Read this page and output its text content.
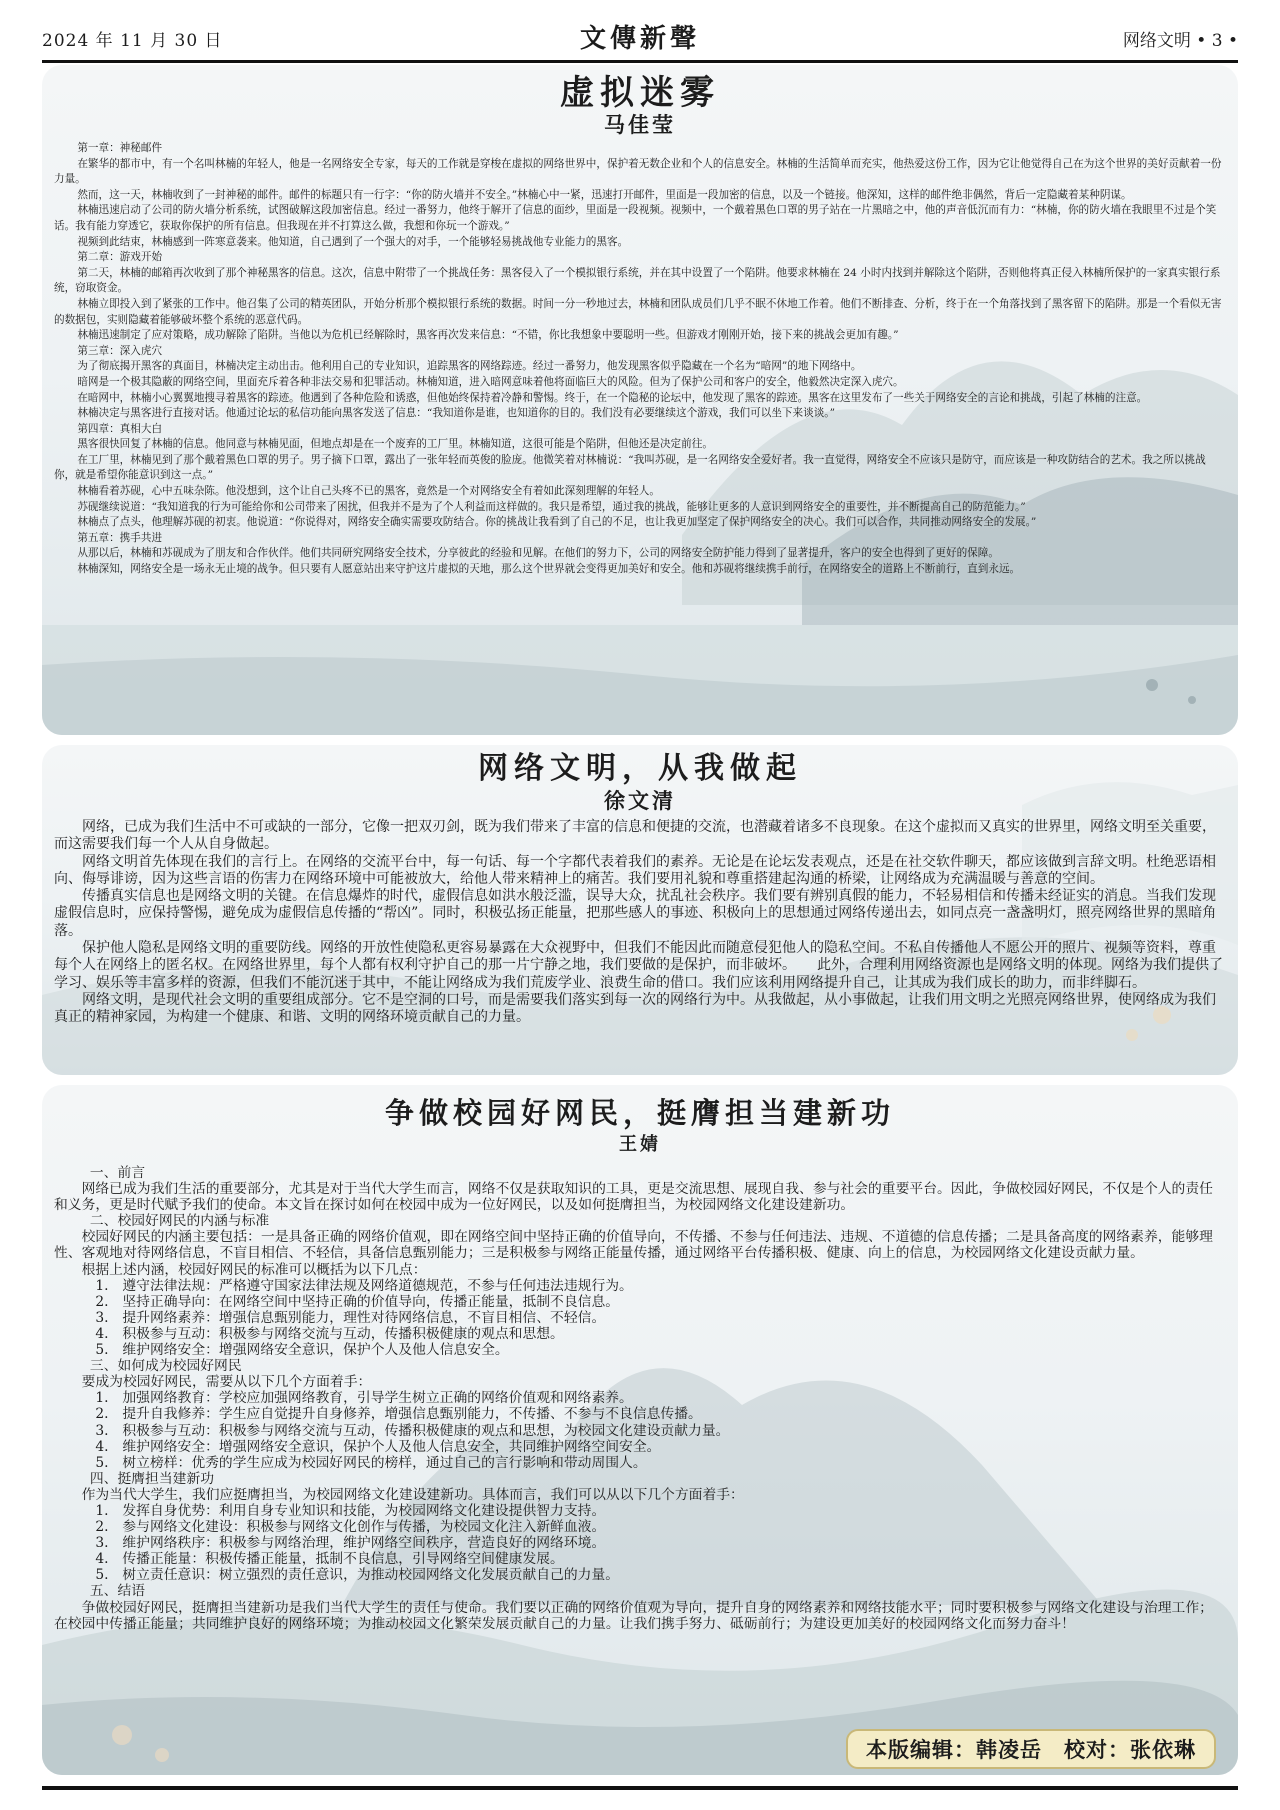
2024 年 11 月 30 日	文傳新聲	网络文明 • 3 •
虚拟迷雾
马佳莹

第一章：神秘邮件

在繁华的都市中，有一个名叫林楠的年轻人，他是一名网络安全专家，每天的工作就是穿梭在虚拟的网络世界中，保护着无数企业和个人的信息安全。林楠的生活简单而充实，他热爱这份工作，因为它让他觉得自己在为这个世界的美好贡献着一份力量。

然而，这一天，林楠收到了一封神秘的邮件。邮件的标题只有一行字：“你的防火墙并不安全。”林楠心中一紧，迅速打开邮件，里面是一段加密的信息，以及一个链接。他深知，这样的邮件绝非偶然，背后一定隐藏着某种阴谋。

林楠迅速启动了公司的防火墙分析系统，试图破解这段加密信息。经过一番努力，他终于解开了信息的面纱，里面是一段视频。视频中，一个戴着黑色口罩的男子站在一片黑暗之中，他的声音低沉而有力：“林楠，你的防火墙在我眼里不过是个笑话。我有能力穿透它，获取你保护的所有信息。但我现在并不打算这么做，我想和你玩一个游戏。”

视频到此结束，林楠感到一阵寒意袭来。他知道，自己遇到了一个强大的对手，一个能够轻易挑战他专业能力的黑客。

第二章：游戏开始

第二天，林楠的邮箱再次收到了那个神秘黑客的信息。这次，信息中附带了一个挑战任务：黑客侵入了一个模拟银行系统，并在其中设置了一个陷阱。他要求林楠在 24 小时内找到并解除这个陷阱，否则他将真正侵入林楠所保护的一家真实银行系统，窃取资金。

林楠立即投入到了紧张的工作中。他召集了公司的精英团队，开始分析那个模拟银行系统的数据。时间一分一秒地过去，林楠和团队成员们几乎不眠不休地工作着。他们不断排查、分析，终于在一个角落找到了黑客留下的陷阱。那是一个看似无害的数据包，实则隐藏着能够破坏整个系统的恶意代码。

林楠迅速制定了应对策略，成功解除了陷阱。当他以为危机已经解除时，黑客再次发来信息：“不错，你比我想象中要聪明一些。但游戏才刚刚开始，接下来的挑战会更加有趣。”

第三章：深入虎穴

为了彻底揭开黑客的真面目，林楠决定主动出击。他利用自己的专业知识，追踪黑客的网络踪迹。经过一番努力，他发现黑客似乎隐藏在一个名为“暗网”的地下网络中。

暗网是一个极其隐蔽的网络空间，里面充斥着各种非法交易和犯罪活动。林楠知道，进入暗网意味着他将面临巨大的风险。但为了保护公司和客户的安全，他毅然决定深入虎穴。

在暗网中，林楠小心翼翼地搜寻着黑客的踪迹。他遇到了各种危险和诱惑，但他始终保持着冷静和警惕。终于，在一个隐秘的论坛中，他发现了黑客的踪迹。黑客在这里发布了一些关于网络安全的言论和挑战，引起了林楠的注意。

林楠决定与黑客进行直接对话。他通过论坛的私信功能向黑客发送了信息：“我知道你是谁，也知道你的目的。我们没有必要继续这个游戏，我们可以坐下来谈谈。”

第四章：真相大白

黑客很快回复了林楠的信息。他同意与林楠见面，但地点却是在一个废弃的工厂里。林楠知道，这很可能是个陷阱，但他还是决定前往。

在工厂里，林楠见到了那个戴着黑色口罩的男子。男子摘下口罩，露出了一张年轻而英俊的脸庞。他微笑着对林楠说：“我叫苏砚，是一名网络安全爱好者。我一直觉得，网络安全不应该只是防守，而应该是一种攻防结合的艺术。我之所以挑战你，就是希望你能意识到这一点。”

林楠看着苏砚，心中五味杂陈。他没想到，这个让自己头疼不已的黑客，竟然是一个对网络安全有着如此深刻理解的年轻人。

苏砚继续说道：“我知道我的行为可能给你和公司带来了困扰，但我并不是为了个人利益而这样做的。我只是希望，通过我的挑战，能够让更多的人意识到网络安全的重要性，并不断提高自己的防范能力。”

林楠点了点头，他理解苏砚的初衷。他说道：“你说得对，网络安全确实需要攻防结合。你的挑战让我看到了自己的不足，也让我更加坚定了保护网络安全的决心。我们可以合作，共同推动网络安全的发展。”

第五章：携手共进

从那以后，林楠和苏砚成为了朋友和合作伙伴。他们共同研究网络安全技术，分享彼此的经验和见解。在他们的努力下，公司的网络安全防护能力得到了显著提升，客户的安全也得到了更好的保障。

林楠深知，网络安全是一场永无止境的战争。但只要有人愿意站出来守护这片虚拟的天地，那么这个世界就会变得更加美好和安全。他和苏砚将继续携手前行，在网络安全的道路上不断前行，直到永远。

网络文明，从我做起
徐文清

网络，已成为我们生活中不可或缺的一部分，它像一把双刃剑，既为我们带来了丰富的信息和便捷的交流，也潜藏着诸多不良现象。在这个虚拟而又真实的世界里，网络文明至关重要，而这需要我们每一个人从自身做起。

网络文明首先体现在我们的言行上。在网络的交流平台中，每一句话、每一个字都代表着我们的素养。无论是在论坛发表观点，还是在社交软件聊天，都应该做到言辞文明。杜绝恶语相向、侮辱诽谤，因为这些言语的伤害力在网络环境中可能被放大，给他人带来精神上的痛苦。我们要用礼貌和尊重搭建起沟通的桥梁，让网络成为充满温暖与善意的空间。

传播真实信息也是网络文明的关键。在信息爆炸的时代，虚假信息如洪水般泛滥，误导大众，扰乱社会秩序。我们要有辨别真假的能力，不轻易相信和传播未经证实的消息。当我们发现虚假信息时，应保持警惕，避免成为虚假信息传播的“帮凶”。同时，积极弘扬正能量，把那些感人的事迹、积极向上的思想通过网络传递出去，如同点亮一盏盏明灯，照亮网络世界的黑暗角落。

保护他人隐私是网络文明的重要防线。网络的开放性使隐私更容易暴露在大众视野中，但我们不能因此而随意侵犯他人的隐私空间。不私自传播他人不愿公开的照片、视频等资料，尊重每个人在网络上的匿名权。在网络世界里，每个人都有权利守护自己的那一片宁静之地，我们要做的是保护，而非破坏。　　此外，合理利用网络资源也是网络文明的体现。网络为我们提供了学习、娱乐等丰富多样的资源，但我们不能沉迷于其中，不能让网络成为我们荒废学业、浪费生命的借口。我们应该利用网络提升自己，让其成为我们成长的助力，而非绊脚石。

网络文明，是现代社会文明的重要组成部分。它不是空洞的口号，而是需要我们落实到每一次的网络行为中。从我做起，从小事做起，让我们用文明之光照亮网络世界，使网络成为我们真正的精神家园，为构建一个健康、和谐、文明的网络环境贡献自己的力量。

争做校园好网民，挺膺担当建新功
王婧

一、前言

网络已成为我们生活的重要部分，尤其是对于当代大学生而言，网络不仅是获取知识的工具，更是交流思想、展现自我、参与社会的重要平台。因此，争做校园好网民，不仅是个人的责任和义务，更是时代赋予我们的使命。本文旨在探讨如何在校园中成为一位好网民，以及如何挺膺担当，为校园网络文化建设建新功。

二、校园好网民的内涵与标准

校园好网民的内涵主要包括：一是具备正确的网络价值观，即在网络空间中坚持正确的价值导向，不传播、不参与任何违法、违规、不道德的信息传播；二是具备高度的网络素养，能够理性、客观地对待网络信息，不盲目相信、不轻信，具备信息甄别能力；三是积极参与网络正能量传播，通过网络平台传播积极、健康、向上的信息，为校园网络文化建设贡献力量。

根据上述内涵，校园好网民的标准可以概括为以下几点：

1.　遵守法律法规：严格遵守国家法律法规及网络道德规范，不参与任何违法违规行为。

2.　坚持正确导向：在网络空间中坚持正确的价值导向，传播正能量，抵制不良信息。

3.　提升网络素养：增强信息甄别能力，理性对待网络信息，不盲目相信、不轻信。

4.　积极参与互动：积极参与网络交流与互动，传播积极健康的观点和思想。

5.　维护网络安全：增强网络安全意识，保护个人及他人信息安全。

三、如何成为校园好网民

要成为校园好网民，需要从以下几个方面着手：

1.　加强网络教育：学校应加强网络教育，引导学生树立正确的网络价值观和网络素养。

2.　提升自我修养：学生应自觉提升自身修养，增强信息甄别能力，不传播、不参与不良信息传播。

3.　积极参与互动：积极参与网络交流与互动，传播积极健康的观点和思想，为校园文化建设贡献力量。

4.　维护网络安全：增强网络安全意识，保护个人及他人信息安全，共同维护网络空间安全。

5.　树立榜样：优秀的学生应成为校园好网民的榜样，通过自己的言行影响和带动周围人。

四、挺膺担当建新功

作为当代大学生，我们应挺膺担当，为校园网络文化建设建新功。具体而言，我们可以从以下几个方面着手：

1.　发挥自身优势：利用自身专业知识和技能，为校园网络文化建设提供智力支持。

2.　参与网络文化建设：积极参与网络文化创作与传播，为校园文化注入新鲜血液。

3.　维护网络秩序：积极参与网络治理，维护网络空间秩序，营造良好的网络环境。

4.　传播正能量：积极传播正能量，抵制不良信息，引导网络空间健康发展。

5.　树立责任意识：树立强烈的责任意识，为推动校园网络文化发展贡献自己的力量。

五、结语

争做校园好网民，挺膺担当建新功是我们当代大学生的责任与使命。我们要以正确的网络价值观为导向，提升自身的网络素养和网络技能水平；同时要积极参与网络文化建设与治理工作；在校园中传播正能量；共同维护良好的网络环境；为推动校园文化繁荣发展贡献自己的力量。让我们携手努力、砥砺前行；为建设更加美好的校园网络文化而努力奋斗！

本版编辑：韩凌岳　校对：张依琳
